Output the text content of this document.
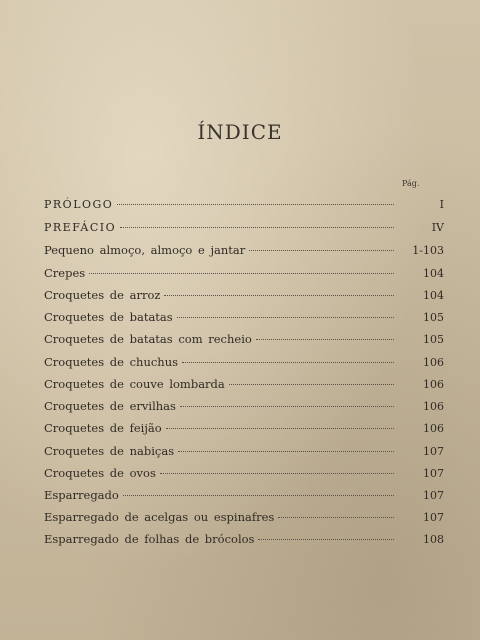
ÍNDICE
Pág.
PRÓLOGO	I
PREFÁCIO	IV
Pequeno almoço, almoço e jantar	1-103
Crepes	104
Croquetes de arroz	104
Croquetes de batatas	105
Croquetes de batatas com recheio	105
Croquetes de chuchus	106
Croquetes de couve lombarda	106
Croquetes de ervilhas	106
Croquetes de feijão	106
Croquetes de nabiças	107
Croquetes de ovos	107
Esparregado	107
Esparregado de acelgas ou espinafres	107
Esparregado de folhas de brócolos	108
